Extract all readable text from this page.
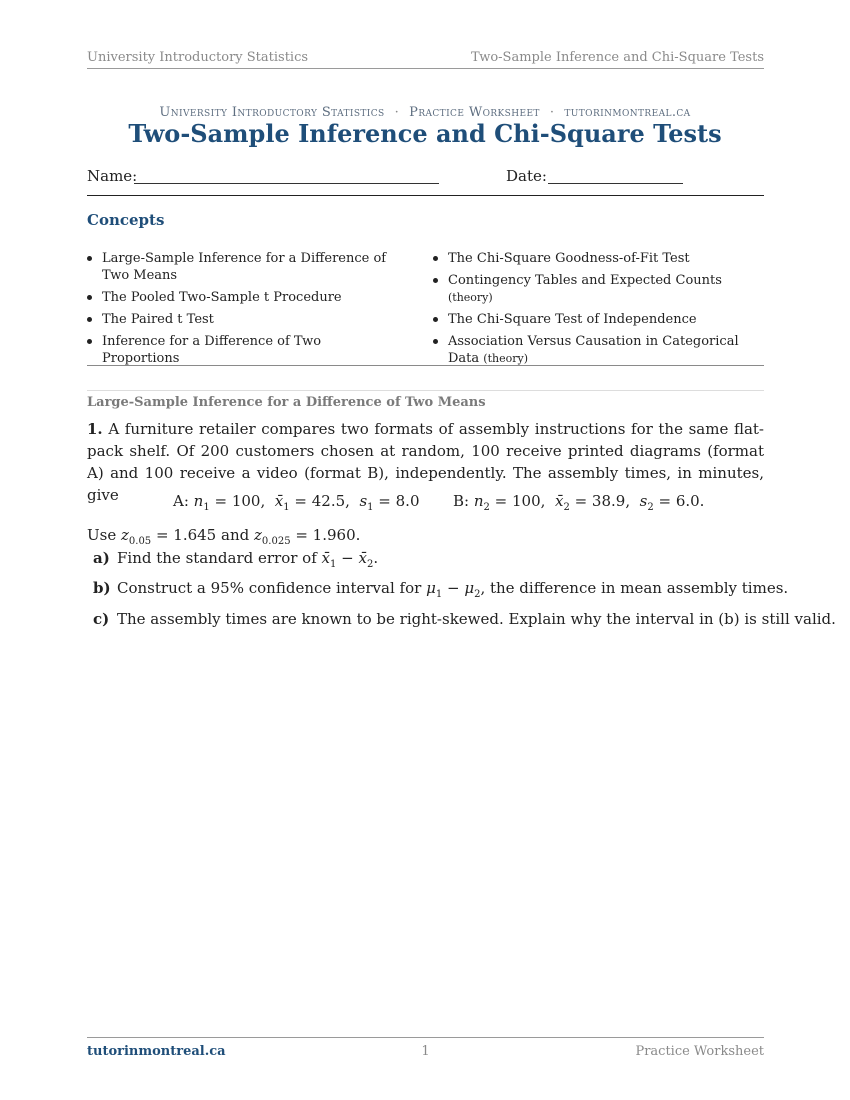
University Introductory Statistics	Two-Sample Inference and Chi-Square Tests
University Introductory Statistics · Practice Worksheet · tutorinmontreal.ca
Two-Sample Inference and Chi-Square Tests
Name:	Date:
Concepts
Large-Sample Inference for a Difference of Two Means
The Pooled Two-Sample t Procedure
The Paired t Test
Inference for a Difference of Two Proportions
The Chi-Square Goodness-of-Fit Test
Contingency Tables and Expected Counts (theory)
The Chi-Square Test of Independence
Association Versus Causation in Categorical Data (theory)
Large-Sample Inference for a Difference of Two Means
1. A furniture retailer compares two formats of assembly instructions for the same flat-pack shelf. Of 200 customers chosen at random, 100 receive printed diagrams (format A) and 100 receive a video (format B), independently. The assembly times, in minutes, give	A: $n_1 = 100$,  $x̄_1 = 42.5$,  $s_1 = 8.0$ B: $n_2 = 100$,  $x̄_2 = 38.9$,  $s_2 = 6.0$.
Use $z_{0.05} = 1.645$ and $z_{0.025} = 1.960$.
a) Find the standard error of $x̄_1$ − $x̄_2$.
b) Construct a 95% confidence interval for $\mu_1 - \mu_2$, the difference in mean assembly times.
c) The assembly times are known to be right-skewed. Explain why the interval in (b) is still valid.
tutorinmontreal.ca	1	Practice Worksheet
